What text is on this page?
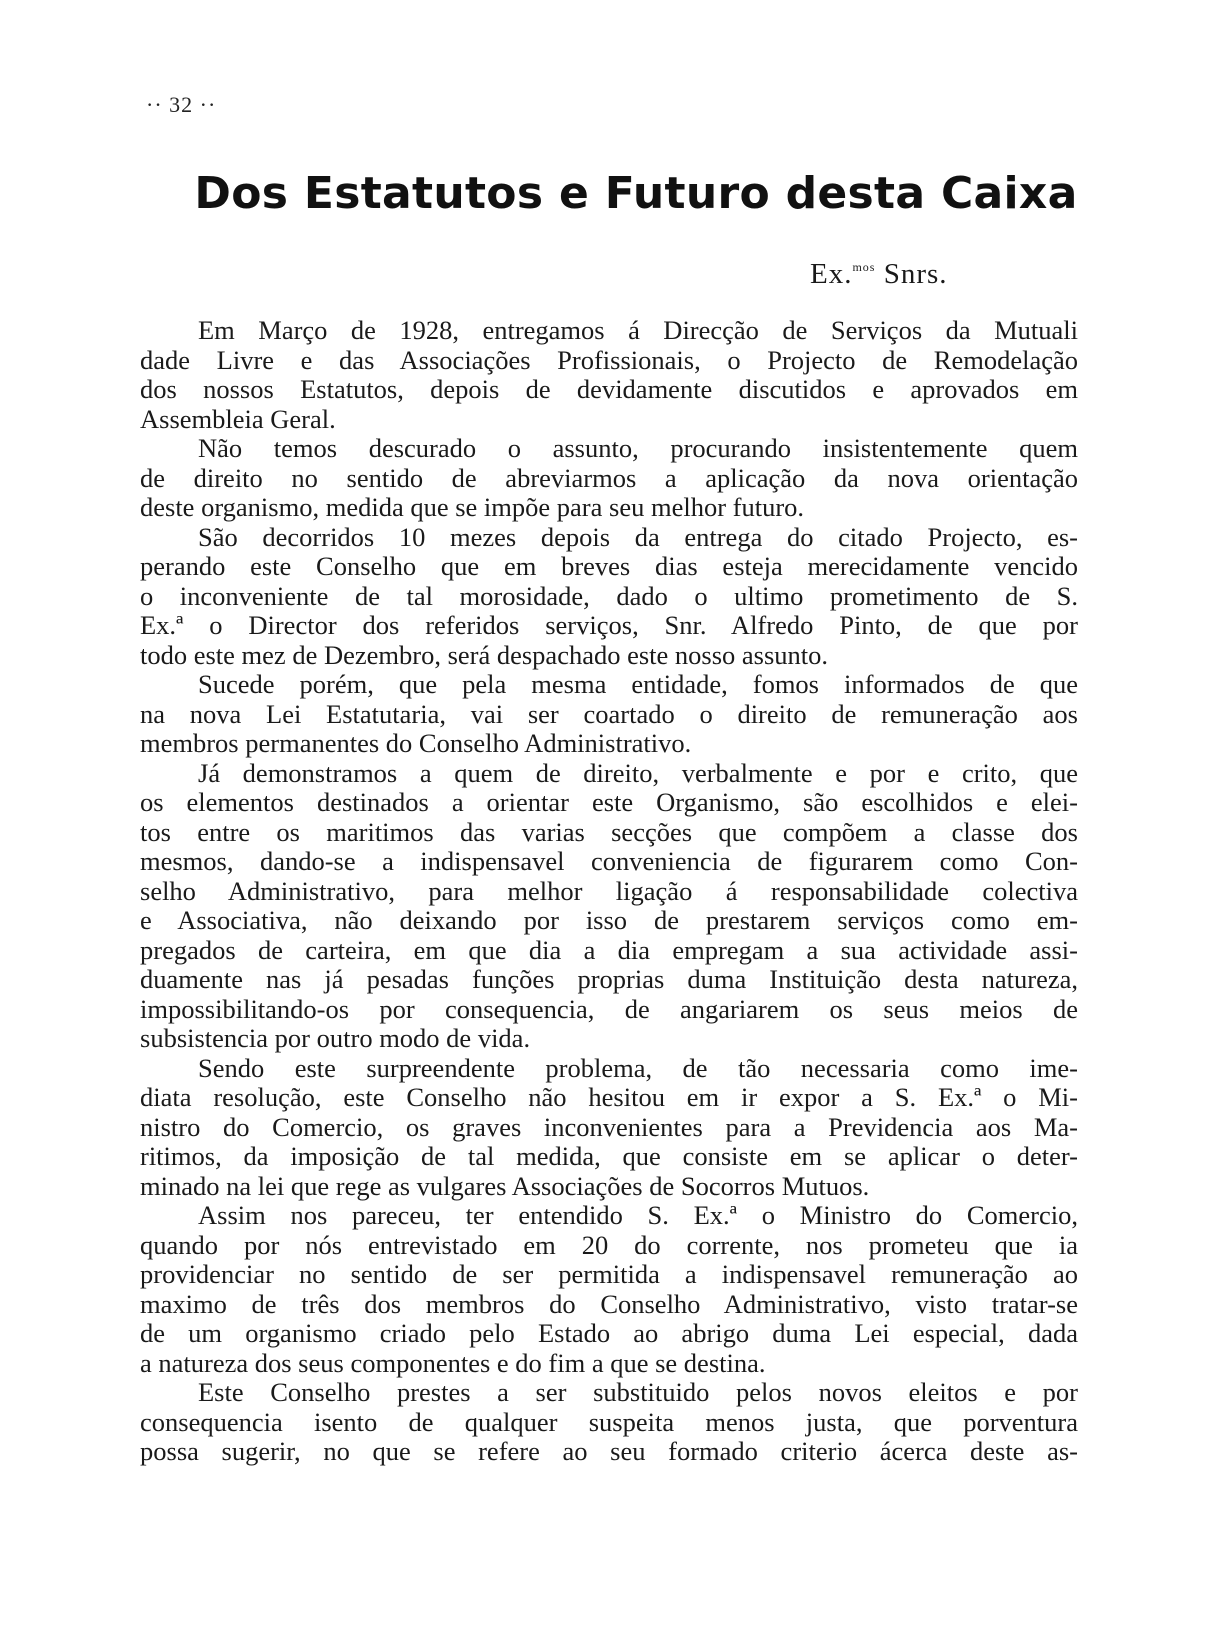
·· 32 ··
Dos Estatutos e Futuro desta Caixa
Ex.$^{mos}$ Snrs.
Em Março de 1928, entregamos á Direcção de Serviços da Mutuali
dade Livre e das Associações Profissionais, o Projecto de Remodelação
dos nossos Estatutos, depois de devidamente discutidos e aprovados em
Assembleia Geral.
Não temos descurado o assunto, procurando insistentemente quem
de direito no sentido de abreviarmos a aplicação da nova orientação
deste organismo, medida que se impõe para seu melhor futuro.
São decorridos 10 mezes depois da entrega do citado Projecto, es-
perando este Conselho que em breves dias esteja merecidamente vencido
o inconveniente de tal morosidade, dado o ultimo prometimento de S.
Ex.ª o Director dos referidos serviços, Snr. Alfredo Pinto, de que por
todo este mez de Dezembro, será despachado este nosso assunto.
Sucede porém, que pela mesma entidade, fomos informados de que
na nova Lei Estatutaria, vai ser coartado o direito de remuneração aos
membros permanentes do Conselho Administrativo.
Já demonstramos a quem de direito, verbalmente e por e crito, que
os elementos destinados a orientar este Organismo, são escolhidos e elei-
tos entre os maritimos das varias secções que compõem a classe dos
mesmos, dando-se a indispensavel conveniencia de figurarem como Con-
selho Administrativo, para melhor ligação á responsabilidade colectiva
e Associativa, não deixando por isso de prestarem serviços como em-
pregados de carteira, em que dia a dia empregam a sua actividade assi-
duamente nas já pesadas funções proprias duma Instituição desta natureza,
impossibilitando-os por consequencia, de angariarem os seus meios de
subsistencia por outro modo de vida.
Sendo este surpreendente problema, de tão necessaria como ime-
diata resolução, este Conselho não hesitou em ir expor a S. Ex.ª o Mi-
nistro do Comercio, os graves inconvenientes para a Previdencia aos Ma-
ritimos, da imposição de tal medida, que consiste em se aplicar o deter-
minado na lei que rege as vulgares Associações de Socorros Mutuos.
Assim nos pareceu, ter entendido S. Ex.ª o Ministro do Comercio,
quando por nós entrevistado em 20 do corrente, nos prometeu que ia
providenciar no sentido de ser permitida a indispensavel remuneração ao
maximo de três dos membros do Conselho Administrativo, visto tratar-se
de um organismo criado pelo Estado ao abrigo duma Lei especial, dada
a natureza dos seus componentes e do fim a que se destina.
Este Conselho prestes a ser substituido pelos novos eleitos e por
consequencia isento de qualquer suspeita menos justa, que porventura
possa sugerir, no que se refere ao seu formado criterio ácerca deste as-
